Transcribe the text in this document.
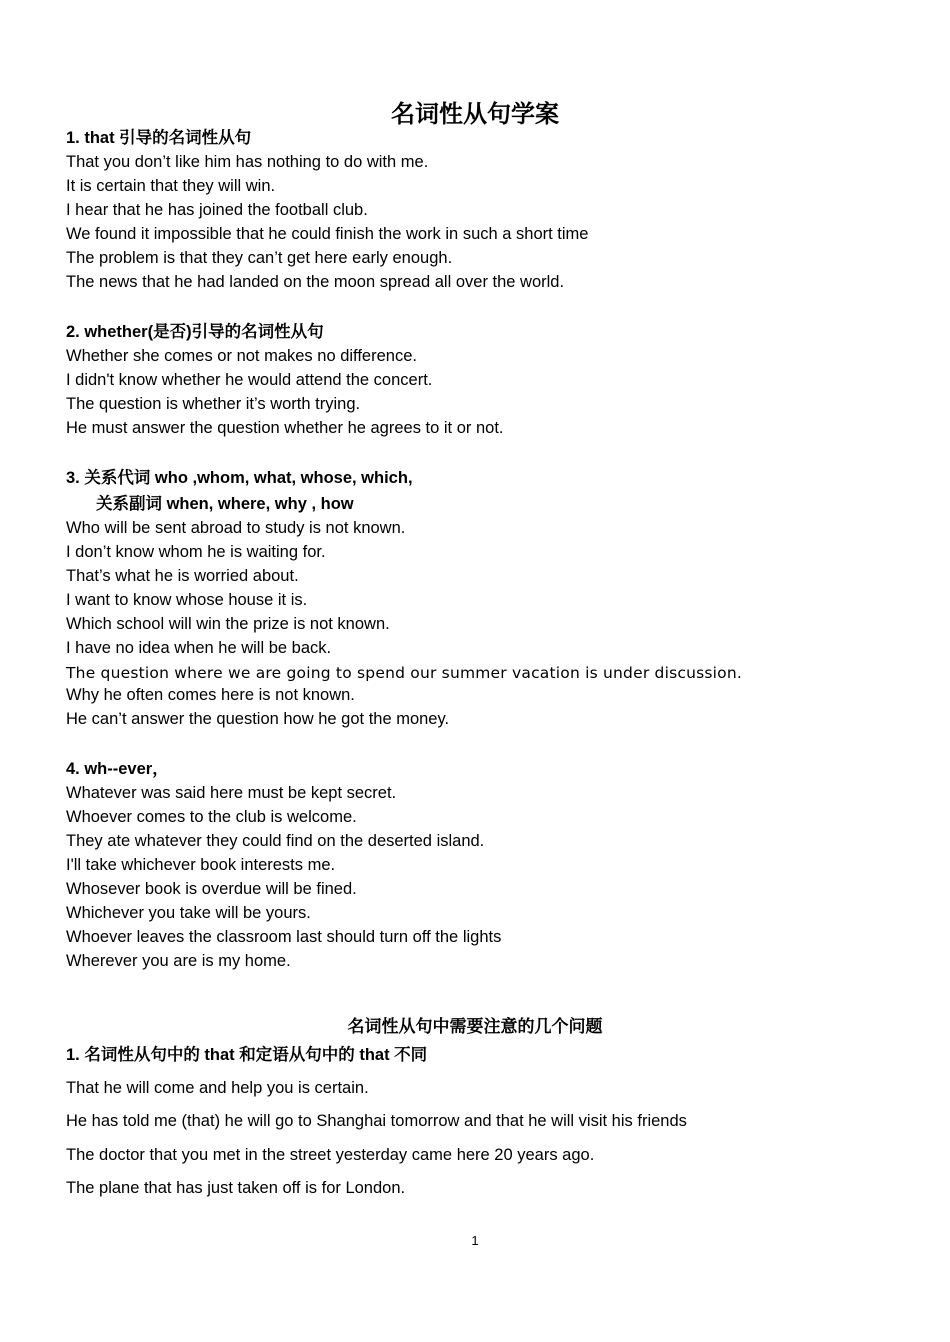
名词性从句学案
1. that 引导的名词性从句
That you don’t like him has nothing to do with me.
It is certain that they will win.
I hear that he has joined the football club.
We found it impossible that he could finish the work in such a short time
The problem is that they can’t get here early enough.
The news that he had landed on the moon spread all over the world.
2. whether(是否)引导的名词性从句
Whether she comes or not makes no difference.
I didn't know whether he would attend the concert.
The question is whether it’s worth trying.
He must answer the question whether he agrees to it or not.
3. 关系代词 who ,whom, what, whose, which,
关系副词 when, where, why , how
Who will be sent abroad to study is not known.
I don’t know whom he is waiting for.
That’s what he is worried about.
I want to know whose house it is.
Which school will win the prize is not known.
I have no idea when he will be back.
The question where we are going to spend our summer vacation is under discussion.
Why he often comes here is not known.
He can’t answer the question how he got the money.
4. wh--ever，
Whatever was said here must be kept secret.
Whoever comes to the club is welcome.
They ate whatever they could find on the deserted island.
I'll take whichever book interests me.
Whosever book is overdue will be fined.
Whichever you take will be yours.
Whoever leaves the classroom last should turn off the lights
Wherever you are is my home.
名词性从句中需要注意的几个问题
1. 名词性从句中的 that 和定语从句中的 that 不同
That he will come and help you is certain.
He has told me (that) he will go to Shanghai tomorrow and that he will visit his friends
The doctor that you met in the street yesterday came here 20 years ago.
The plane that has just taken off is for London.
1
